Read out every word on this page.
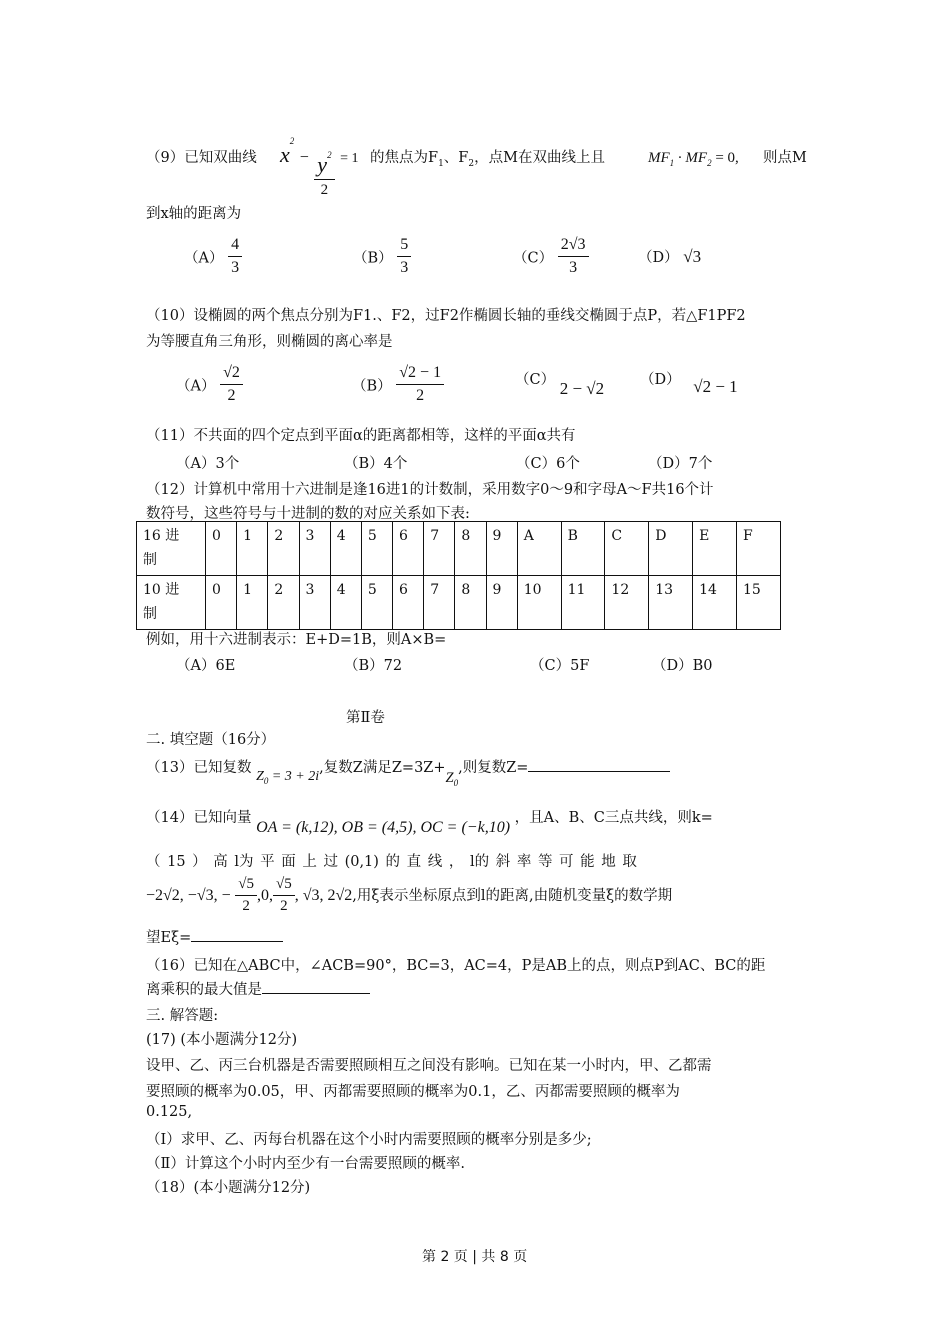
（9）已知双曲线 $x^2 - \frac{y^2}{2} = 1$ 的焦点为$F_1$、$F_2$，点M在双曲线上且	$MF_1 \cdot MF_2 = 0$, 则点M
到x轴的距离为
$(A) \frac{4}{3}$	$(B) \frac{5}{3}$	$(C) \frac{2√3}{3}$	（D） √3
（10）设椭圆的两个焦点分别为F1.、F2，过F2作椭圆长轴的垂线交椭圆于点P，若△F1PF2
为等腰直角三角形，则椭圆的离心率是
$(A) \frac{√2}{2}$	$(B) \frac{√2 - 1}{2}$	（C） 2 − √2 （D） √2 − 1
（11）不共面的四个定点到平面α的距离都相等，这样的平面α共有
（A）3个	（B）4个	（C）6个	（D）7个
（12）计算机中常用十六进制是逢16进1的计数制，采用数字0～9和字母A～F共16个计
数符号，这些符号与十进制的数的对应关系如下表:
16 进
制	0	1	2	3	4	5	6	7	8	9	A	B	C	D	E	F
10 进
制	0	1	2	3	4	5	6	7	8	9	10	11	12	13	14	15
例如，用十六进制表示：E+D=1B，则A×B=
（A）6E	（B）72	（C）5F	（D）B0
第Ⅱ卷
二. 填空题（16分）
（13）已知复数 $Z_0 = 3 + 2i$,复数Z满足$Z=3Z+Z_0$,则复数Z=
（14）已知向量 OA = (k,12), OB = (4,5), OC = (−k,10) ，且A、B、C三点共线，则k=
（ 15 ） 高 l为 平 面 上 过 (0,1) 的 直 线 ， l的 斜 率 等 可 能 地 取
−2√2, −√3, − $\frac{√5}{2} ,0$, $\frac{√5}{2}$ , √3, 2√2,用ξ表示坐标原点到l的距离,由随机变量ξ的数学期
望Eξ=
（16）已知在△ABC中，∠ACB=90°，BC=3，AC=4，P是AB上的点，则点P到AC、BC的距
离乘积的最大值是
三. 解答题:
(17) (本小题满分12分)
设甲、乙、丙三台机器是否需要照顾相互之间没有影响。已知在某一小时内，甲、乙都需
要照顾的概率为0.05，甲、丙都需要照顾的概率为0.1，乙、丙都需要照顾的概率为
0.125,
（Ⅰ）求甲、乙、丙每台机器在这个小时内需要照顾的概率分别是多少;
（Ⅱ）计算这个小时内至少有一台需要照顾的概率.
（18）(本小题满分12分)
第 2 页 | 共 8 页
